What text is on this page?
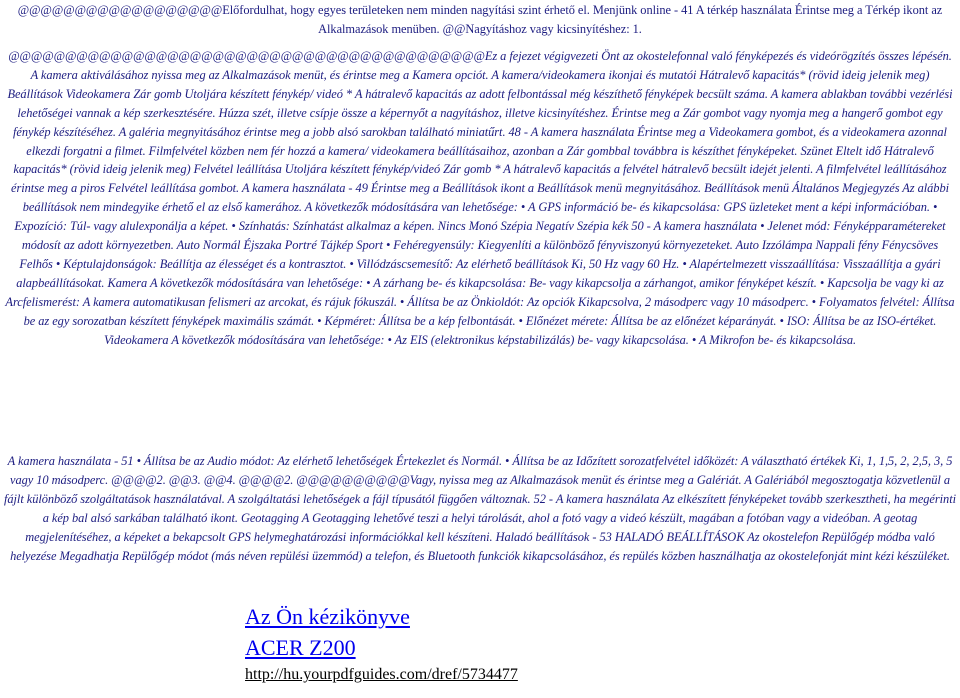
@@@@@@@@@@@@@@@@@@Előfordulhat, hogy egyes területeken nem minden nagyítási szint érhető el. Menjünk online - 41 A térkép használata Érintse meg a Térkép ikont az Alkalmazások menüben. @@Nagyításhoz vagy kicsinyítéshez: 1.
@@@@@@@@@@@@@@@@@@@@@@@@@@@@@@@@@@@@@@@@@@Ez a fejezet végigvezeti Önt az okostelefonnal való fényképezés és videórögzítés összes lépésén. A kamera aktiválásához nyissa meg az Alkalmazások menüt, és érintse meg a Kamera opciót. A kamera/videokamera ikonjai és mutatói Hátralevő kapacitás* (rövid ideig jelenik meg) Beállítások Videokamera Zár gomb Utoljára készített fénykép/ videó * A hátralevő kapacitás az adott felbontással még készíthető fényképek becsült száma. A kamera ablakban további vezérlési lehetőségei vannak a kép szerkesztésére. Húzza szét, illetve csípje össze a képernyőt a nagyításhoz, illetve kicsinyítéshez. Érintse meg a Zár gombot vagy nyomja meg a hangerő gombot egy fénykép készítéséhez. A galéria megnyitásához érintse meg a jobb alsó sarokban található miniatűrt. 48 - A kamera használata Érintse meg a Videokamera gombot, és a videokamera azonnal elkezdi forgatni a filmet. Filmfelvétel közben nem fér hozzá a kamera/ videokamera beállításaihoz, azonban a Zár gombbal továbbra is készíthet fényképeket. Szünet Eltelt idő Hátralevő kapacitás* (rövid ideig jelenik meg) Felvétel leállítása Utoljára készített fénykép/videó Zár gomb * A hátralevő kapacitás a felvétel hátralevő becsült idejét jelenti. A filmfelvétel leállításához érintse meg a piros Felvétel leállítása gombot. A kamera használata - 49 Érintse meg a Beállítások ikont a Beállítások menü megnyitásához. Beállítások menü Általános Megjegyzés Az alábbi beállítások nem mindegyike érhető el az első kamerához. A következők módosítására van lehetősége: • A GPS információ be- és kikapcsolása: GPS üzleteket ment a képi információban. • Expozíció: Túl- vagy alulexponálja a képet. • Színhatás: Színhatást alkalmaz a képen. Nincs Monó Szépia Negatív Szépia kék 50 - A kamera használata • Jelenet mód: Fényképparamétereket módosít az adott környezetben. Auto Normál Éjszaka Portré Tájkép Sport • Fehéregyensúly: Kiegyenlíti a különböző fényviszonyú környezeteket. Auto Izzólámpa Nappali fény Fénycsöves Felhős • Képtulajdonságok: Beállítja az élességet és a kontrasztot. • Villódzáscsemesítő: Az elérhető beállítások Ki, 50 Hz vagy 60 Hz. • Alapértelmezett visszaállítása: Visszaállítja a gyári alapbeállításokat. Kamera A következők módosítására van lehetősége: • A zárhang be- és kikapcsolása: Be- vagy kikapcsolja a zárhangot, amikor fényképet készít. • Kapcsolja be vagy ki az Arcfelismerést: A kamera automatikusan felismeri az arcokat, és rájuk fókuszál. • Állítsa be az Önkioldót: Az opciók Kikapcsolva, 2 másodperc vagy 10 másodperc. • Folyamatos felvétel: Állítsa be az egy sorozatban készített fényképek maximális számát. • Képméret: Állítsa be a kép felbontását. • Előnézet mérete: Állítsa be az előnézet képarányát. • ISO: Állítsa be az ISO-értéket. Videokamera A következők módosítására van lehetősége: • Az EIS (elektronikus képstabilizálás) be- vagy kikapcsolása. • A Mikrofon be- és kikapcsolása.
A kamera használata - 51 • Állítsa be az Audio módot: Az elérhető lehetőségek Értekezlet és Normál. • Állítsa be az Időzített sorozatfelvétel időközét: A választható értékek Ki, 1, 1,5, 2, 2,5, 3, 5 vagy 10 másodperc. @@@@2. @@3. @@4. @@@@2. @@@@@@@@@@Vagy, nyissa meg az Alkalmazások menüt és érintse meg a Galériát. A Galériából megosztogatja közvetlenül a fájlt különböző szolgáltatások használatával. A szolgáltatási lehetőségek a fájl típusától függően változnak. 52 - A kamera használata Az elkészített fényképeket tovább szerkesztheti, ha megérinti a kép bal alsó sarkában található ikont. Geotagging A Geotagging lehetővé teszi a helyi tárolását, ahol a fotó vagy a videó készült, magában a fotóban vagy a videóban. A geotag megjelenítéséhez, a képeket a bekapcsolt GPS helymeghatározási információkkal kell készíteni. Haladó beállítások - 53 HALADÓ BEÁLLÍTÁSOK Az okostelefon Repülőgép módba való helyezése Megadhatja Repülőgép módot (más néven repülési üzemmód) a telefon, és Bluetooth funkciók kikapcsolásához, és repülés közben használhatja az okostelefonját mint kézi készüléket.
Az Ön kézikönyve
ACER Z200
http://hu.yourpdfguides.com/dref/5734477
